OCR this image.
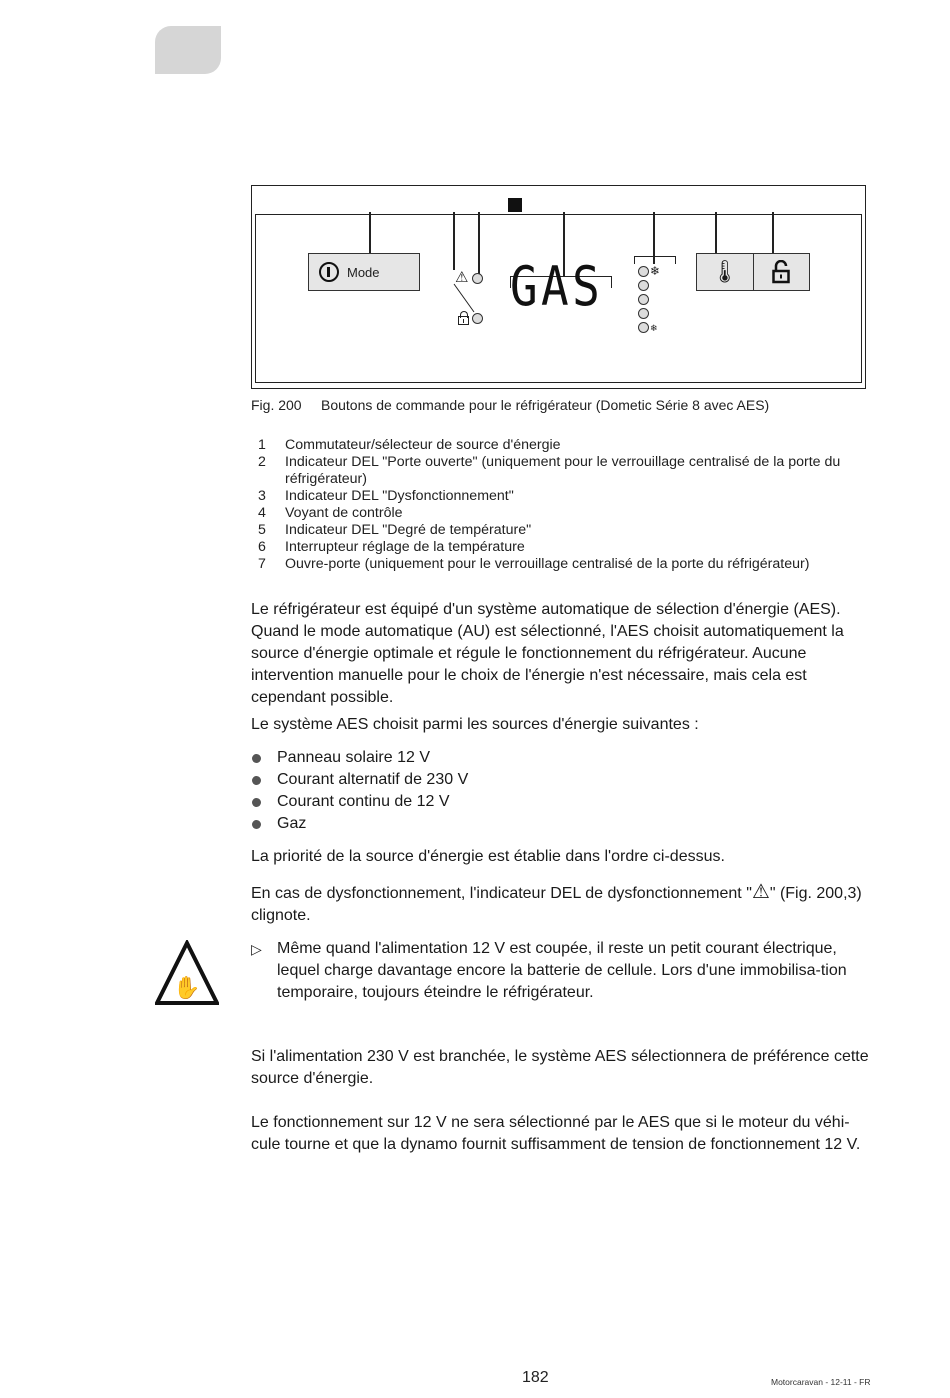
Mode	⚠ GAS	❄
❄
🌡
Fig. 200 Boutons de commande pour le réfrigérateur (Dometic Série 8 avec AES)
1	Commutateur/sélecteur de source d'énergie
2	Indicateur DEL "Porte ouverte" (uniquement pour le verrouillage centralisé de la porte du réfrigérateur)
3	Indicateur DEL "Dysfonctionnement"
4	Voyant de contrôle
5	Indicateur DEL "Degré de température"
6	Interrupteur réglage de la température
7	Ouvre-porte (uniquement pour le verrouillage centralisé de la porte du réfrigérateur)
Le réfrigérateur est équipé d'un système automatique de sélection d'énergie (AES). Quand le mode automatique (AU) est sélectionné, l'AES choisit automatiquement la source d'énergie optimale et régule le fonctionnement du réfrigérateur. Aucune intervention manuelle pour le choix de l'énergie n'est nécessaire, mais cela est cependant possible.
Le système AES choisit parmi les sources d'énergie suivantes :
Panneau solaire 12 V
Courant alternatif de 230 V
Courant continu de 12 V
Gaz
La priorité de la source d'énergie est établie dans l'ordre ci-dessus.
En cas de dysfonctionnement, l'indicateur DEL de dysfonctionnement "⚠" (Fig. 200,3) clignote.
✋
▷ Même quand l'alimentation 12 V est coupée, il reste un petit courant électrique, lequel charge davantage encore la batterie de cellule. Lors d'une immobilisa-tion temporaire, toujours éteindre le réfrigérateur.
Si l'alimentation 230 V est branchée, le système AES sélectionnera de préférence cette source d'énergie.
Le fonctionnement sur 12 V ne sera sélectionné par le AES que si le moteur du véhi-cule tourne et que la dynamo fournit suffisamment de tension de fonctionnement 12 V.
182	Motorcaravan - 12-11 - FR
